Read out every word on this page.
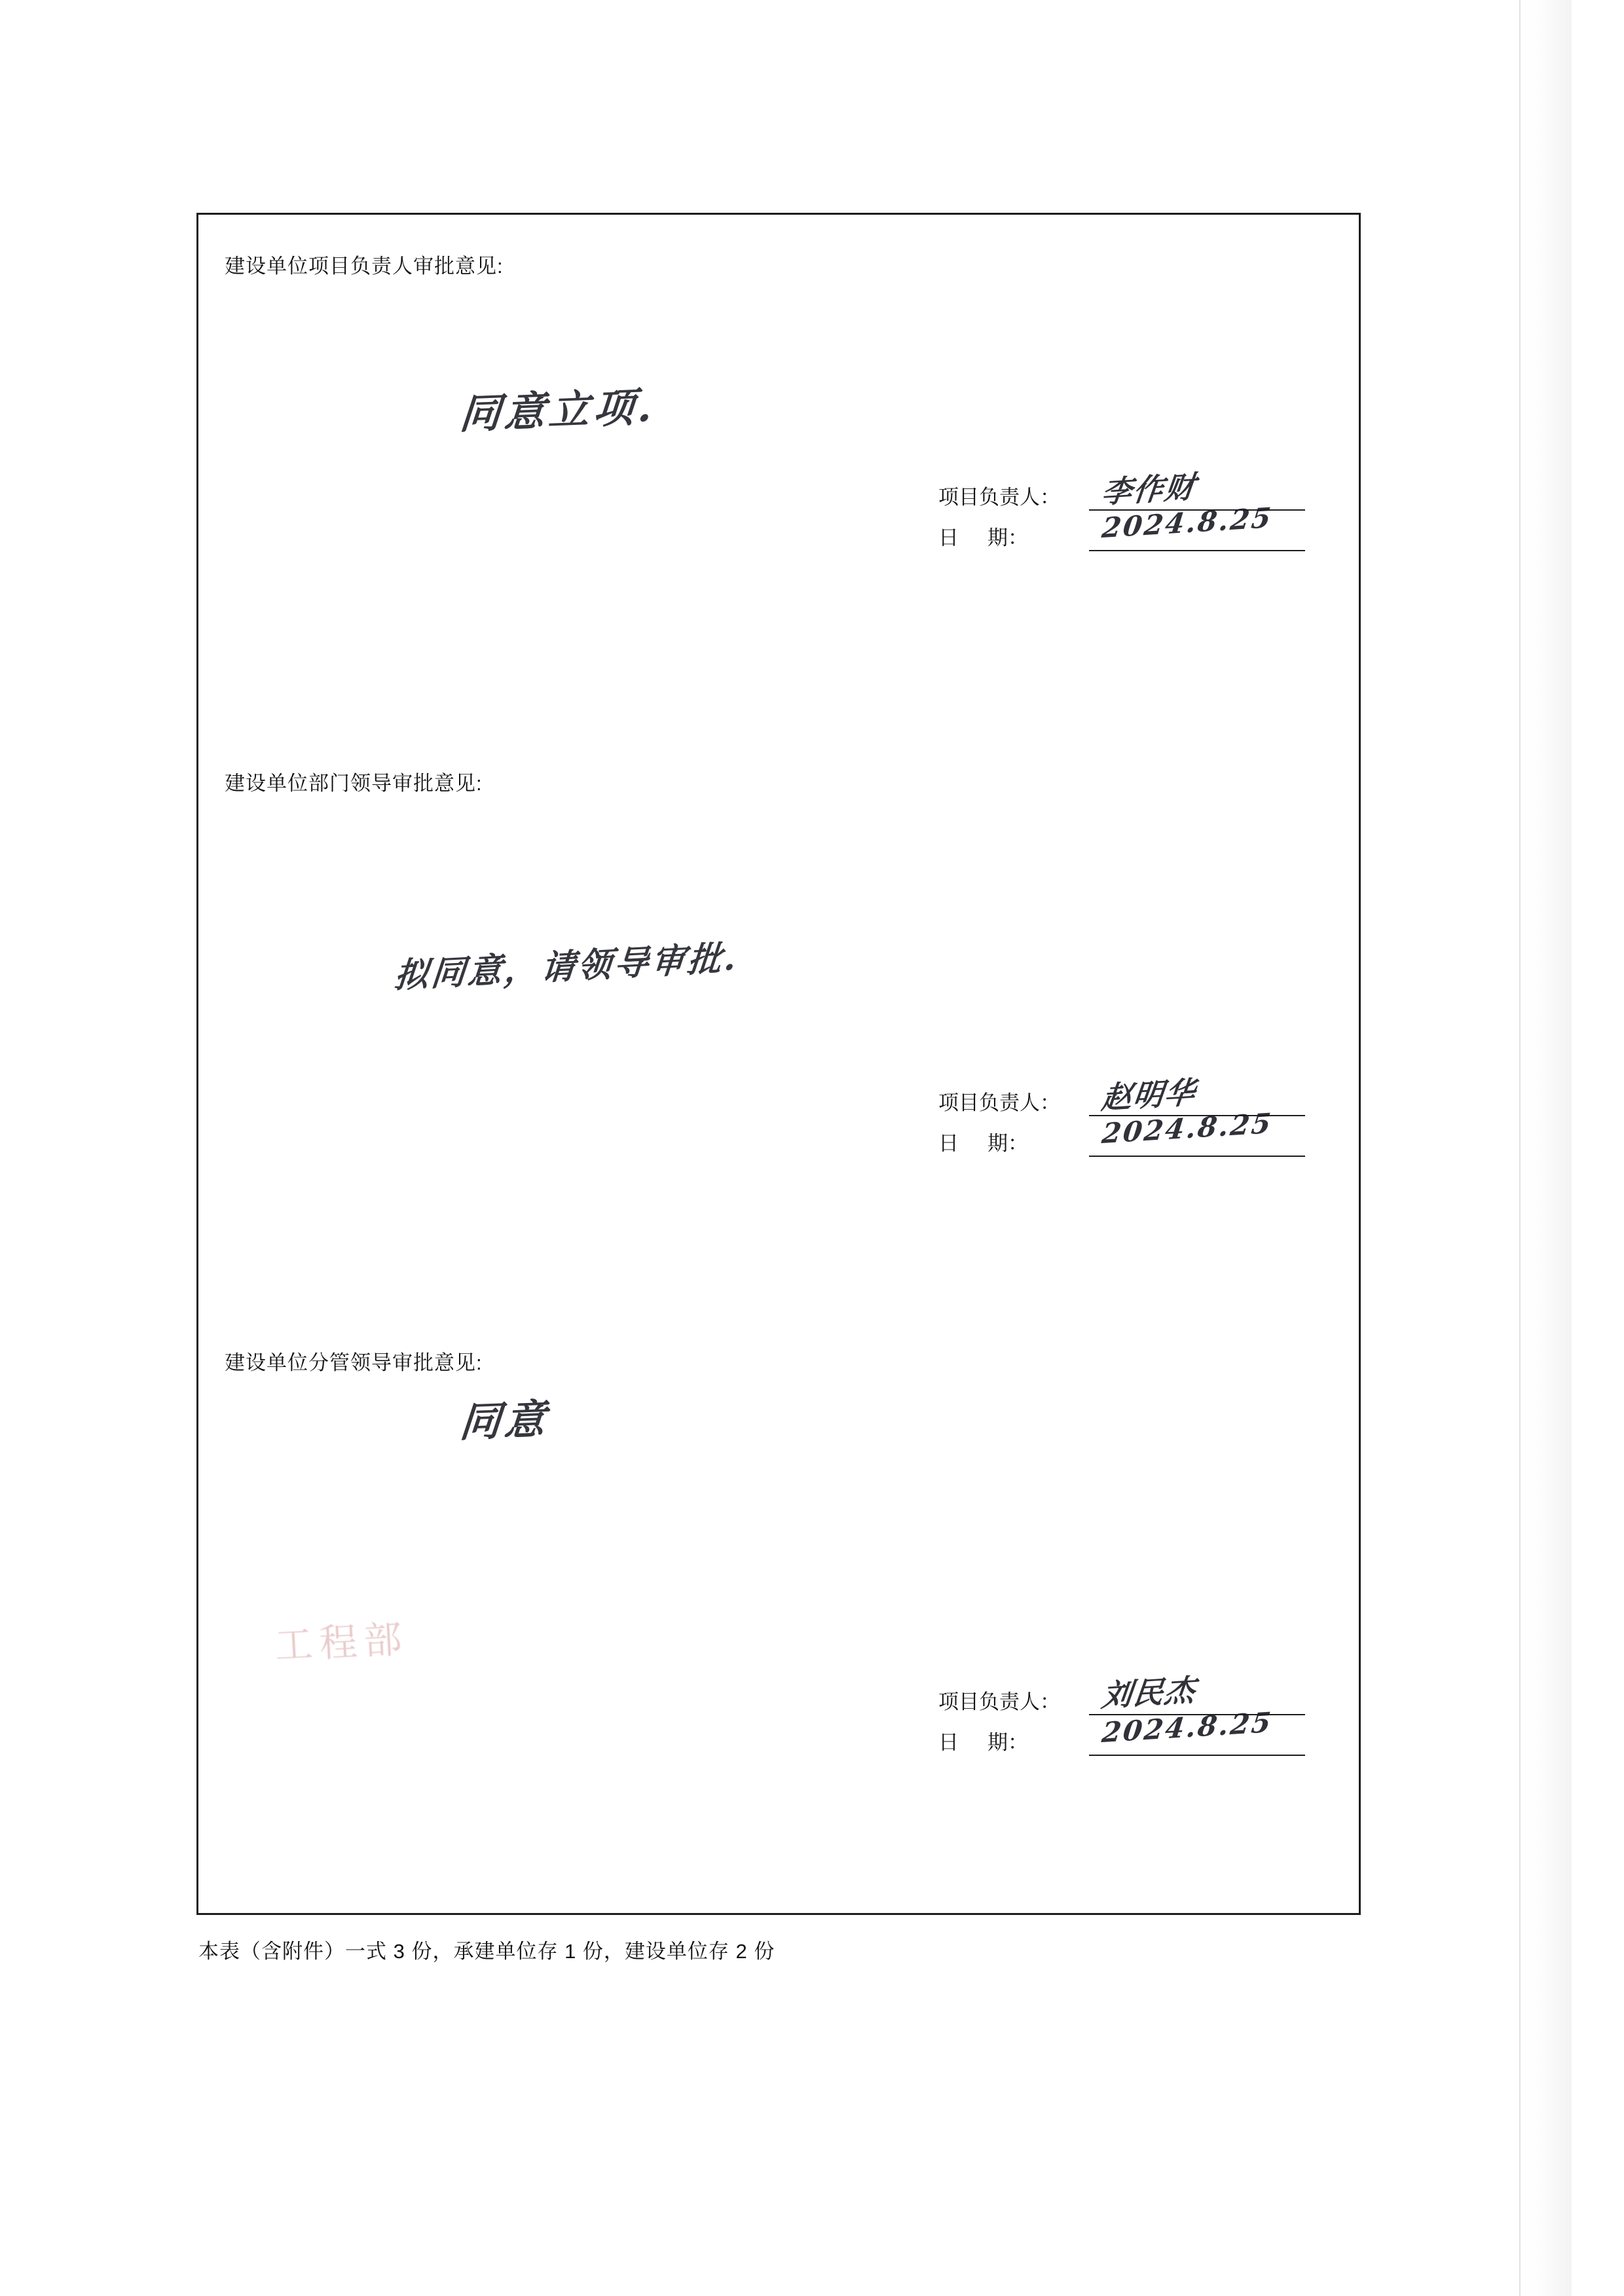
建设单位项目负责人审批意见:
同意立项.
项目负责人： 李作财
日期：	2024.8.25
建设单位部门领导审批意见:
拟同意，请领导审批.
项目负责人： 赵明华
日期：	2024.8.25
建设单位分管领导审批意见:
同意
项目负责人： 刘民杰
日期：	2024.8.25
工程部
本表（含附件）一式 3 份，承建单位存 1 份，建设单位存 2 份
